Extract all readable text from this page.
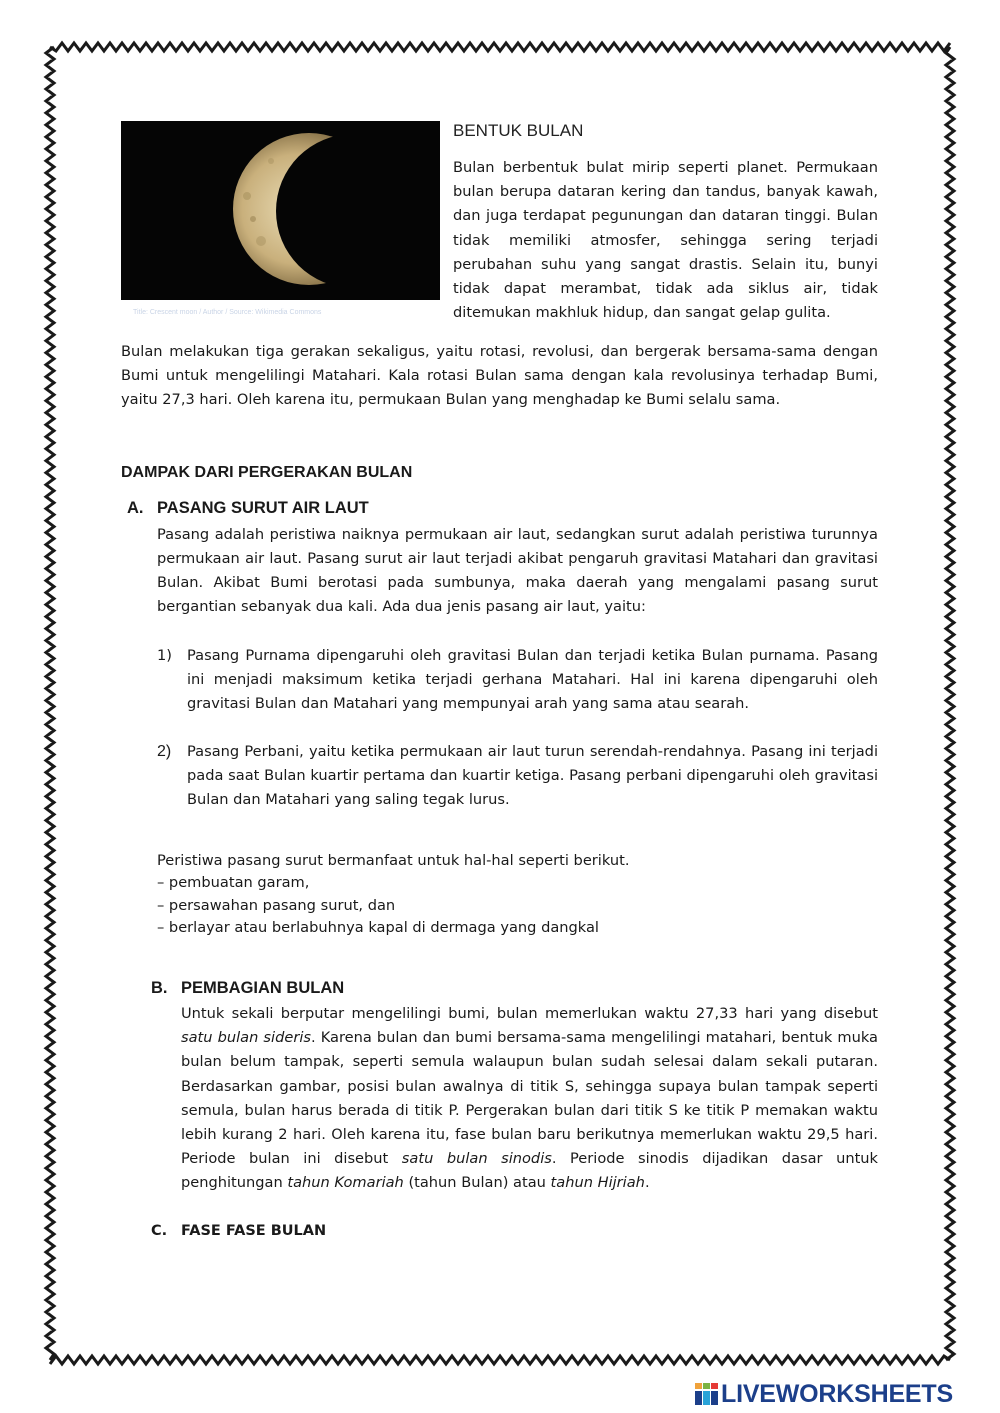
Title: Crescent moon / Author / Source: Wikimedia Commons
BENTUK BULAN

Bulan berbentuk bulat mirip seperti planet. Permukaan bulan berupa dataran kering dan tandus, banyak kawah, dan juga terdapat pegunungan dan dataran tinggi. Bulan tidak memiliki atmosfer, sehingga sering terjadi perubahan suhu yang sangat drastis. Selain itu, bunyi tidak dapat merambat, tidak ada siklus air, tidak ditemukan makhluk hidup, dan sangat gelap gulita.

Bulan melakukan tiga gerakan sekaligus, yaitu rotasi, revolusi, dan bergerak bersama-sama dengan Bumi untuk mengelilingi Matahari. Kala rotasi Bulan sama dengan kala revolusinya terhadap Bumi, yaitu 27,3 hari. Oleh karena itu, permukaan Bulan yang menghadap ke Bumi selalu sama.

DAMPAK DARI PERGERAKAN BULAN
A. PASANG SURUT AIR LAUT

Pasang adalah peristiwa naiknya permukaan air laut, sedangkan surut adalah peristiwa turunnya permukaan air laut. Pasang surut air laut terjadi akibat pengaruh gravitasi Matahari dan gravitasi Bulan. Akibat Bumi berotasi pada sumbunya, maka daerah yang mengalami pasang surut bergantian sebanyak dua kali. Ada dua jenis pasang air laut, yaitu:

1) Pasang Purnama dipengaruhi oleh gravitasi Bulan dan terjadi ketika Bulan purnama. Pasang ini menjadi maksimum ketika terjadi gerhana Matahari. Hal ini karena dipengaruhi oleh gravitasi Bulan dan Matahari yang mempunyai arah yang sama atau searah.

2) Pasang Perbani, yaitu ketika permukaan air laut turun serendah-rendahnya. Pasang ini terjadi pada saat Bulan kuartir pertama dan kuartir ketiga. Pasang perbani dipengaruhi oleh gravitasi Bulan dan Matahari yang saling tegak lurus.

Peristiwa pasang surut bermanfaat untuk hal-hal seperti berikut.

– pembuatan garam,
– persawahan pasang surut, dan
– berlayar atau berlabuhnya kapal di dermaga yang dangkal
B. PEMBAGIAN BULAN

Untuk sekali berputar mengelilingi bumi, bulan memerlukan waktu 27,33 hari yang disebut satu bulan sideris. Karena bulan dan bumi bersama-sama mengelilingi matahari, bentuk muka bulan belum tampak, seperti semula walaupun bulan sudah selesai dalam sekali putaran. Berdasarkan gambar, posisi bulan awalnya di titik S, sehingga supaya bulan tampak seperti semula, bulan harus berada di titik P. Pergerakan bulan dari titik S ke titik P memakan waktu lebih kurang 2 hari. Oleh karena itu, fase bulan baru berikutnya memerlukan waktu 29,5 hari. Periode bulan ini disebut satu bulan sinodis. Periode sinodis dijadikan dasar untuk penghitungan tahun Komariah (tahun Bulan) atau tahun Hijriah.

C. FASE FASE BULAN
LIVEWORKSHEETS
